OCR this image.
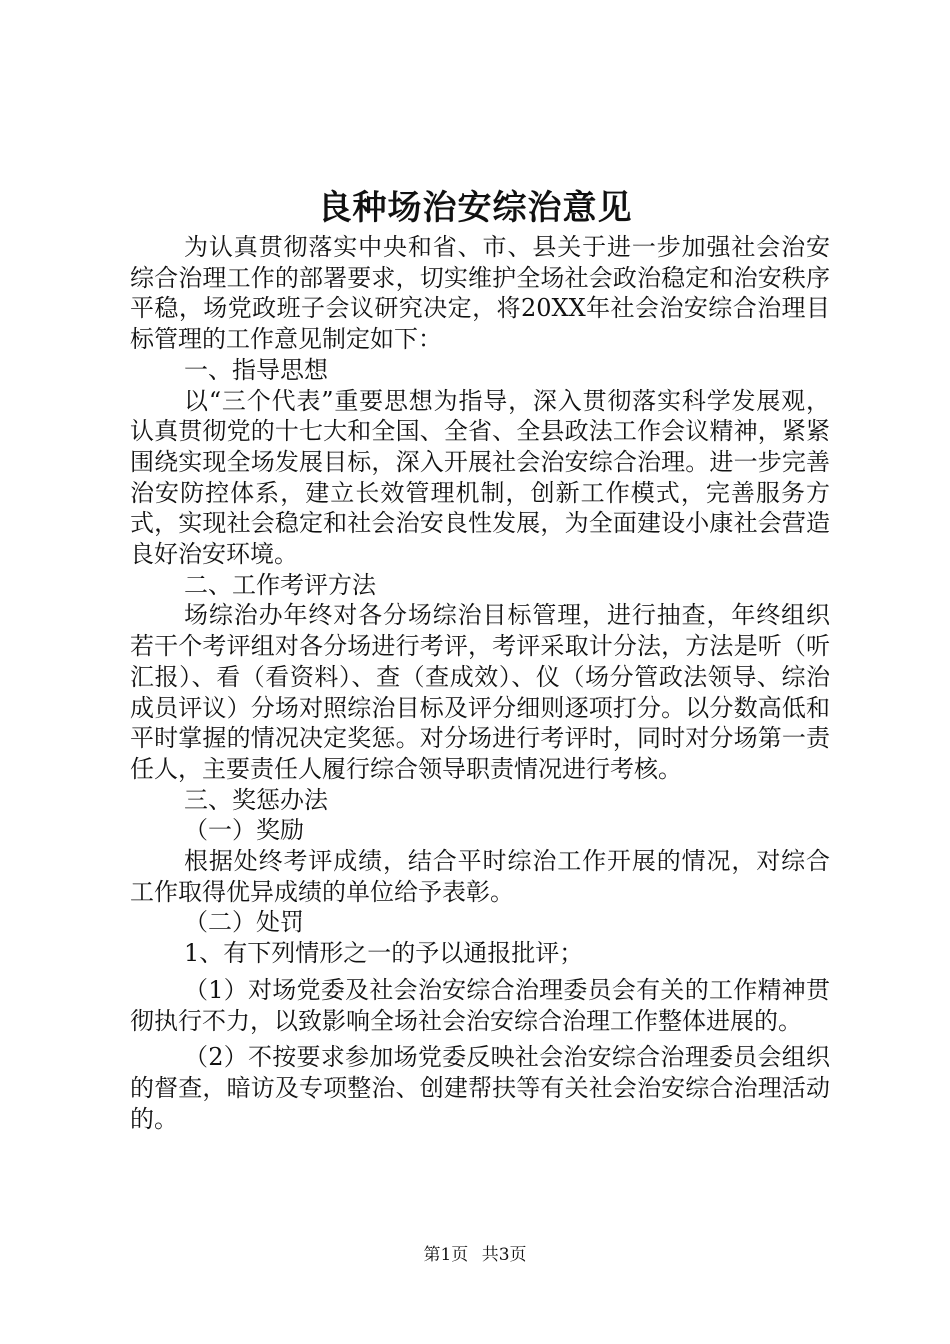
良种场治安综治意见

为认真贯彻落实中央和省、市、县关于进一步加强社会治安综合治理工作的部署要求，切实维护全场社会政治稳定和治安秩序平稳，场党政班子会议研究决定，将20XX年社会治安综合治理目标管理的工作意见制定如下：

一、指导思想

以“三个代表”重要思想为指导，深入贯彻落实科学发展观，认真贯彻党的十七大和全国、全省、全县政法工作会议精神，紧紧围绕实现全场发展目标，深入开展社会治安综合治理。进一步完善治安防控体系，建立长效管理机制，创新工作模式，完善服务方式，实现社会稳定和社会治安良性发展，为全面建设小康社会营造良好治安环境。

二、工作考评方法

场综治办年终对各分场综治目标管理，进行抽查，年终组织若干个考评组对各分场进行考评，考评采取计分法，方法是听（听汇报）、看（看资料）、查（查成效）、仪（场分管政法领导、综治成员评议）分场对照综治目标及评分细则逐项打分。以分数高低和平时掌握的情况决定奖惩。对分场进行考评时，同时对分场第一责任人，主要责任人履行综合领导职责情况进行考核。

三、奖惩办法

（一）奖励

根据处终考评成绩，结合平时综治工作开展的情况，对综合工作取得优异成绩的单位给予表彰。

（二）处罚

1、有下列情形之一的予以通报批评；

（1）对场党委及社会治安综合治理委员会有关的工作精神贯彻执行不力，以致影响全场社会治安综合治理工作整体进展的。

（2）不按要求参加场党委反映社会治安综合治理委员会组织的督查，暗访及专项整治、创建帮扶等有关社会治安综合治理活动的。

第1页 共3页
